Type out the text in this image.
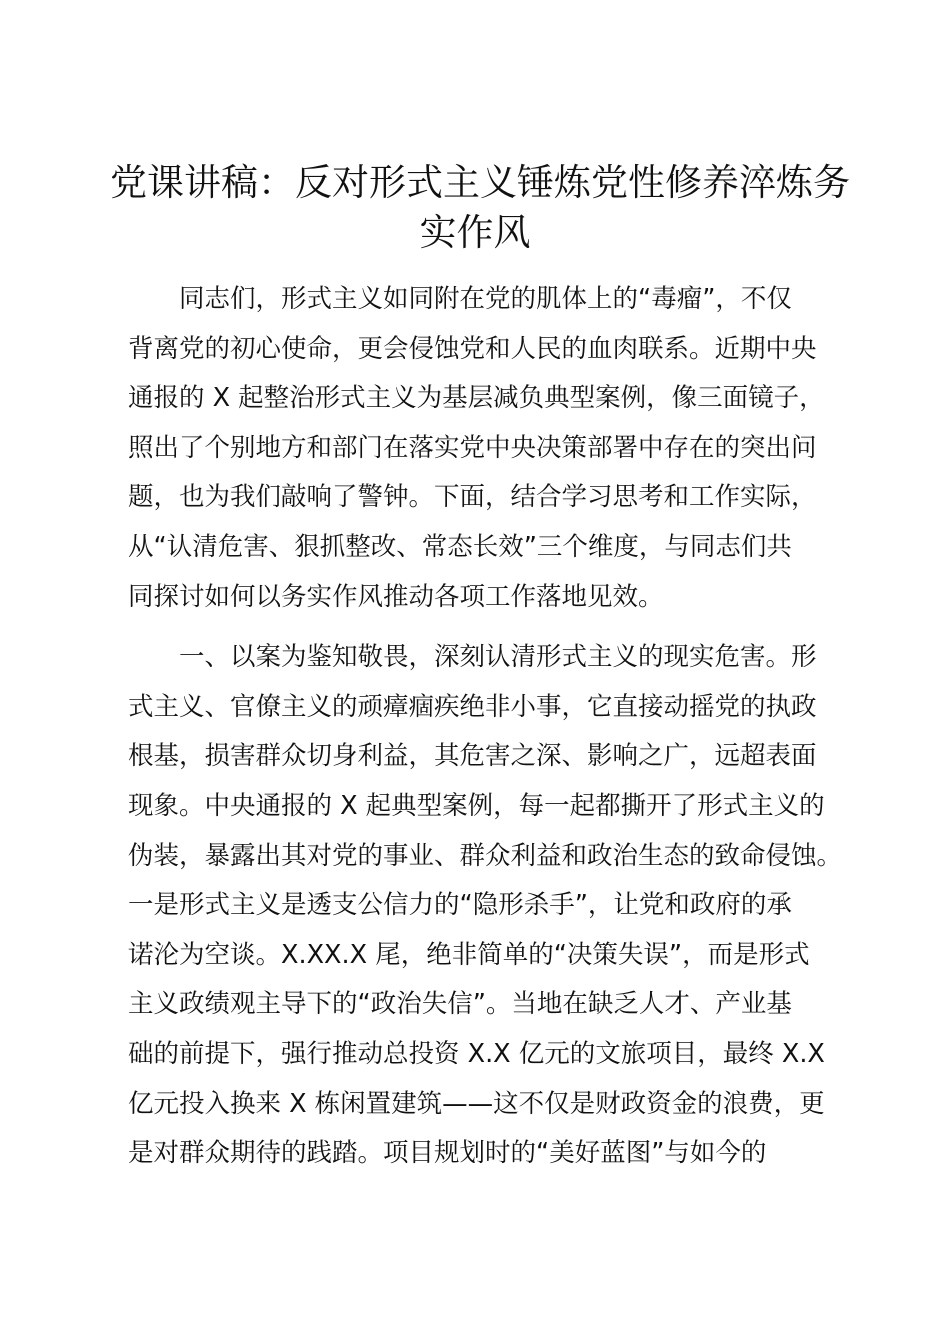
党课讲稿：反对形式主义锤炼党性修养淬炼务
实作风
同志们，形式主义如同附在党的肌体上的“毒瘤”，不仅
背离党的初心使命，更会侵蚀党和人民的血肉联系。近期中央
通报的 X 起整治形式主义为基层减负典型案例，像三面镜子，
照出了个别地方和部门在落实党中央决策部署中存在的突出问
题，也为我们敲响了警钟。下面，结合学习思考和工作实际，
从“认清危害、狠抓整改、常态长效”三个维度，与同志们共
同探讨如何以务实作风推动各项工作落地见效。
一、以案为鉴知敬畏，深刻认清形式主义的现实危害。形
式主义、官僚主义的顽瘴痼疾绝非小事，它直接动摇党的执政
根基，损害群众切身利益，其危害之深、影响之广，远超表面
现象。中央通报的 X 起典型案例，每一起都撕开了形式主义的
伪装，暴露出其对党的事业、群众利益和政治生态的致命侵蚀。
一是形式主义是透支公信力的“隐形杀手”，让党和政府的承
诺沦为空谈。X.XX.X 尾，绝非简单的“决策失误”，而是形式
主义政绩观主导下的“政治失信”。当地在缺乏人才、产业基
础的前提下，强行推动总投资 X.X 亿元的文旅项目，最终 X.X
亿元投入换来 X 栋闲置建筑——这不仅是财政资金的浪费，更
是对群众期待的践踏。项目规划时的“美好蓝图”与如今的
